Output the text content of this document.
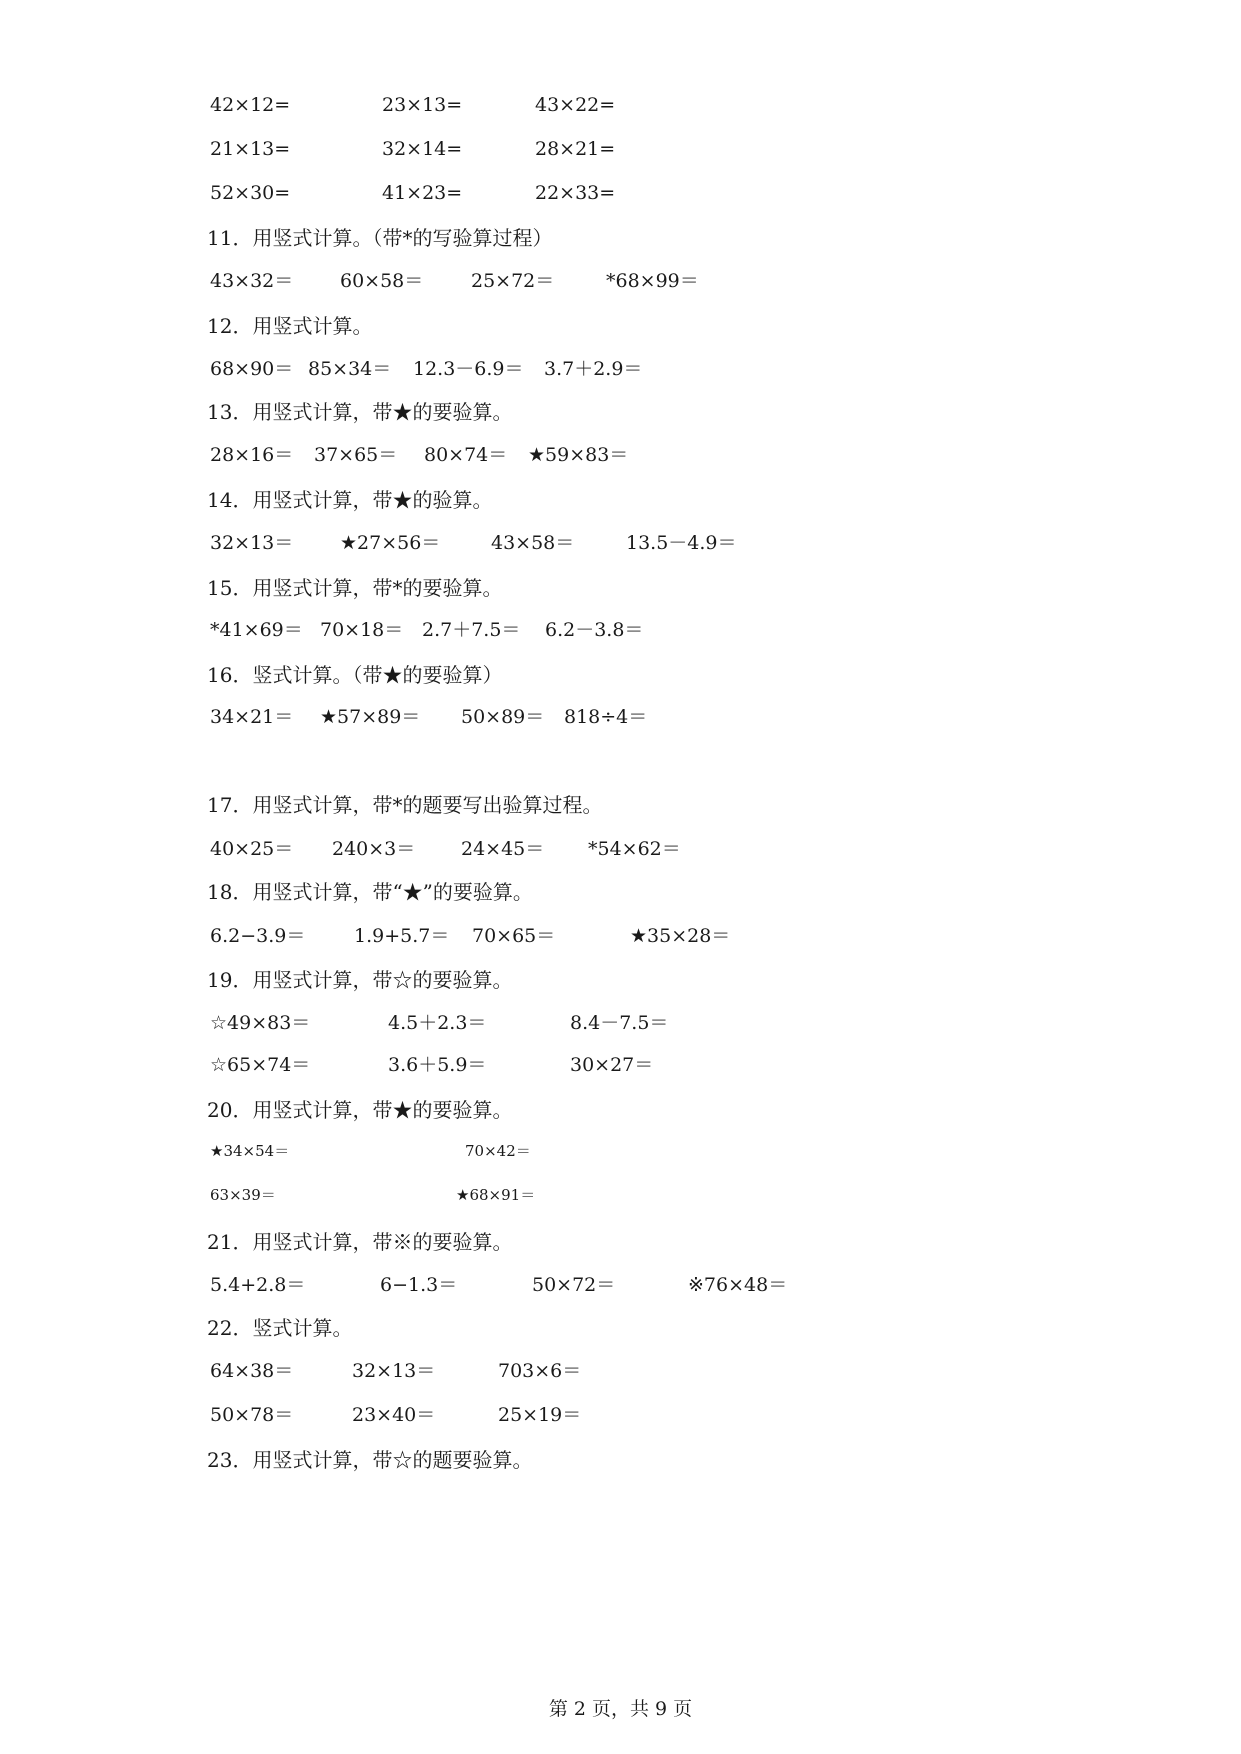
42×12=	23×13=	43×22=
21×13=	32×14=	28×21=
52×30=	41×23=	22×33=
11．用竖式计算。（带*的写验算过程）
43×32＝ 60×58＝	25×72＝	*68×99＝
12．用竖式计算。
68×90＝ 85×34＝ 12.3－6.9＝ 3.7＋2.9＝
13．用竖式计算，带★的要验算。
28×16＝ 37×65＝ 80×74＝ ★59×83＝
14．用竖式计算，带★的验算。
32×13＝ ★27×56＝	43×58＝	13.5－4.9＝
15．用竖式计算，带*的要验算。
*41×69＝ 70×18＝ 2.7＋7.5＝ 6.2－3.8＝
16．竖式计算。（带★的要验算）
34×21＝ ★57×89＝ 50×89＝ 818÷4＝
17．用竖式计算，带*的题要写出验算过程。
40×25＝ 240×3＝ 24×45＝ *54×62＝
18．用竖式计算，带“★”的要验算。
6.2−3.9＝	1.9+5.7＝ 70×65＝	★35×28＝
19．用竖式计算，带☆的要验算。
☆49×83＝	4.5＋2.3＝	8.4－7.5＝
☆65×74＝	3.6＋5.9＝	30×27＝
20．用竖式计算，带★的要验算。
★34×54＝	70×42＝
63×39＝	★68×91＝
21．用竖式计算，带※的要验算。
5.4+2.8＝	6−1.3＝	50×72＝	※76×48＝
22．竖式计算。
64×38＝	32×13＝	703×6＝
50×78＝	23×40＝	25×19＝
23．用竖式计算，带☆的题要验算。
第 2 页，共 9 页
